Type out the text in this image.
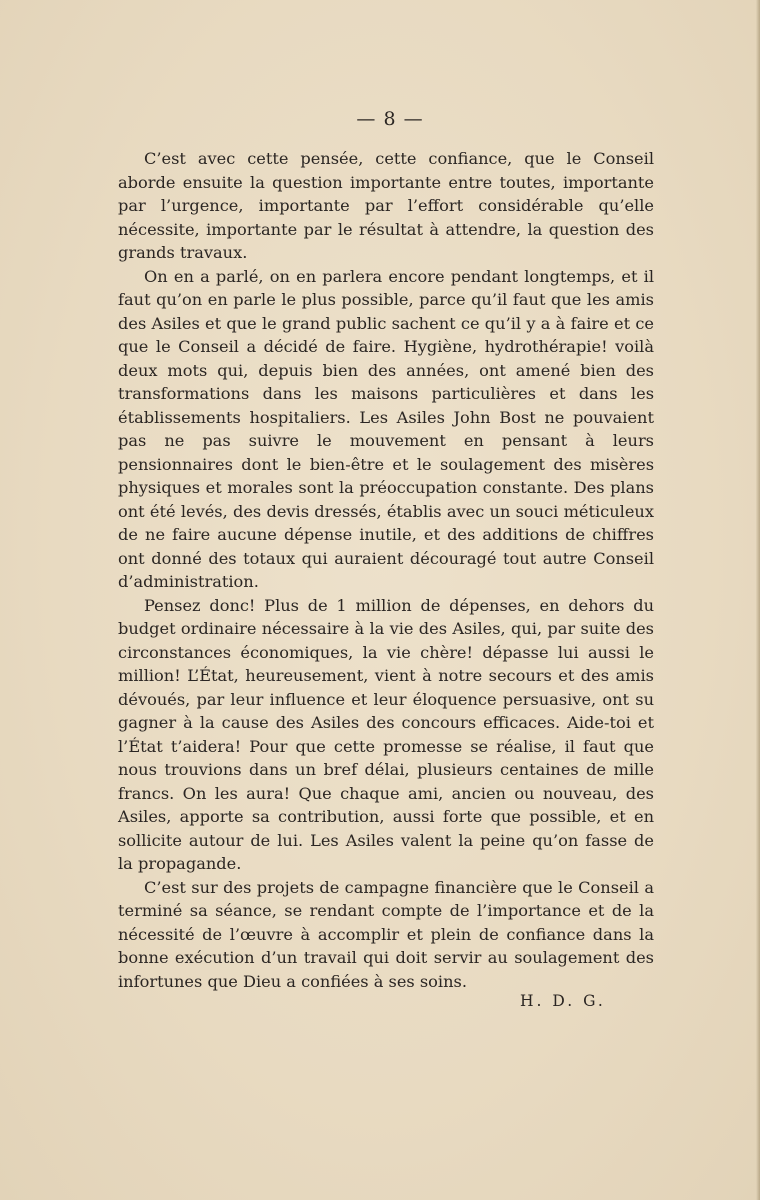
— 8 —

C’est avec cette pensée, cette confiance, que le Conseil aborde ensuite la question importante entre toutes, importante par l’urgence, importante par l’effort considérable qu’elle nécessite, importante par le résultat à attendre, la question des grands travaux.

On en a parlé, on en parlera encore pendant longtemps, et il faut qu’on en parle le plus possible, parce qu’il faut que les amis des Asiles et que le grand public sachent ce qu’il y a à faire et ce que le Conseil a décidé de faire. Hygiène, hydrothérapie! voilà deux mots qui, depuis bien des années, ont amené bien des transformations dans les maisons particulières et dans les établissements hospitaliers. Les Asiles John Bost ne pouvaient pas ne pas suivre le mouvement en pensant à leurs pensionnaires dont le bien-être et le soulagement des misères physiques et morales sont la préoccupation constante. Des plans ont été levés, des devis dressés, établis avec un souci méticuleux de ne faire aucune dépense inutile, et des additions de chiffres ont donné des totaux qui auraient découragé tout autre Conseil d’administration.

Pensez donc! Plus de 1 million de dépenses, en dehors du budget ordinaire nécessaire à la vie des Asiles, qui, par suite des circonstances économiques, la vie chère! dépasse lui aussi le million! L’État, heureusement, vient à notre secours et des amis dévoués, par leur influence et leur éloquence persuasive, ont su gagner à la cause des Asiles des concours efficaces. Aide-toi et l’État t’aidera! Pour que cette promesse se réalise, il faut que nous trouvions dans un bref délai, plusieurs centaines de mille francs. On les aura! Que chaque ami, ancien ou nouveau, des Asiles, apporte sa contribution, aussi forte que possible, et en sollicite autour de lui. Les Asiles valent la peine qu’on fasse de la propagande.

C’est sur des projets de campagne financière que le Conseil a terminé sa séance, se rendant compte de l’importance et de la nécessité de l’œuvre à accomplir et plein de confiance dans la bonne exécution d’un travail qui doit servir au soulagement des infortunes que Dieu a confiées à ses soins.

H. D. G.
